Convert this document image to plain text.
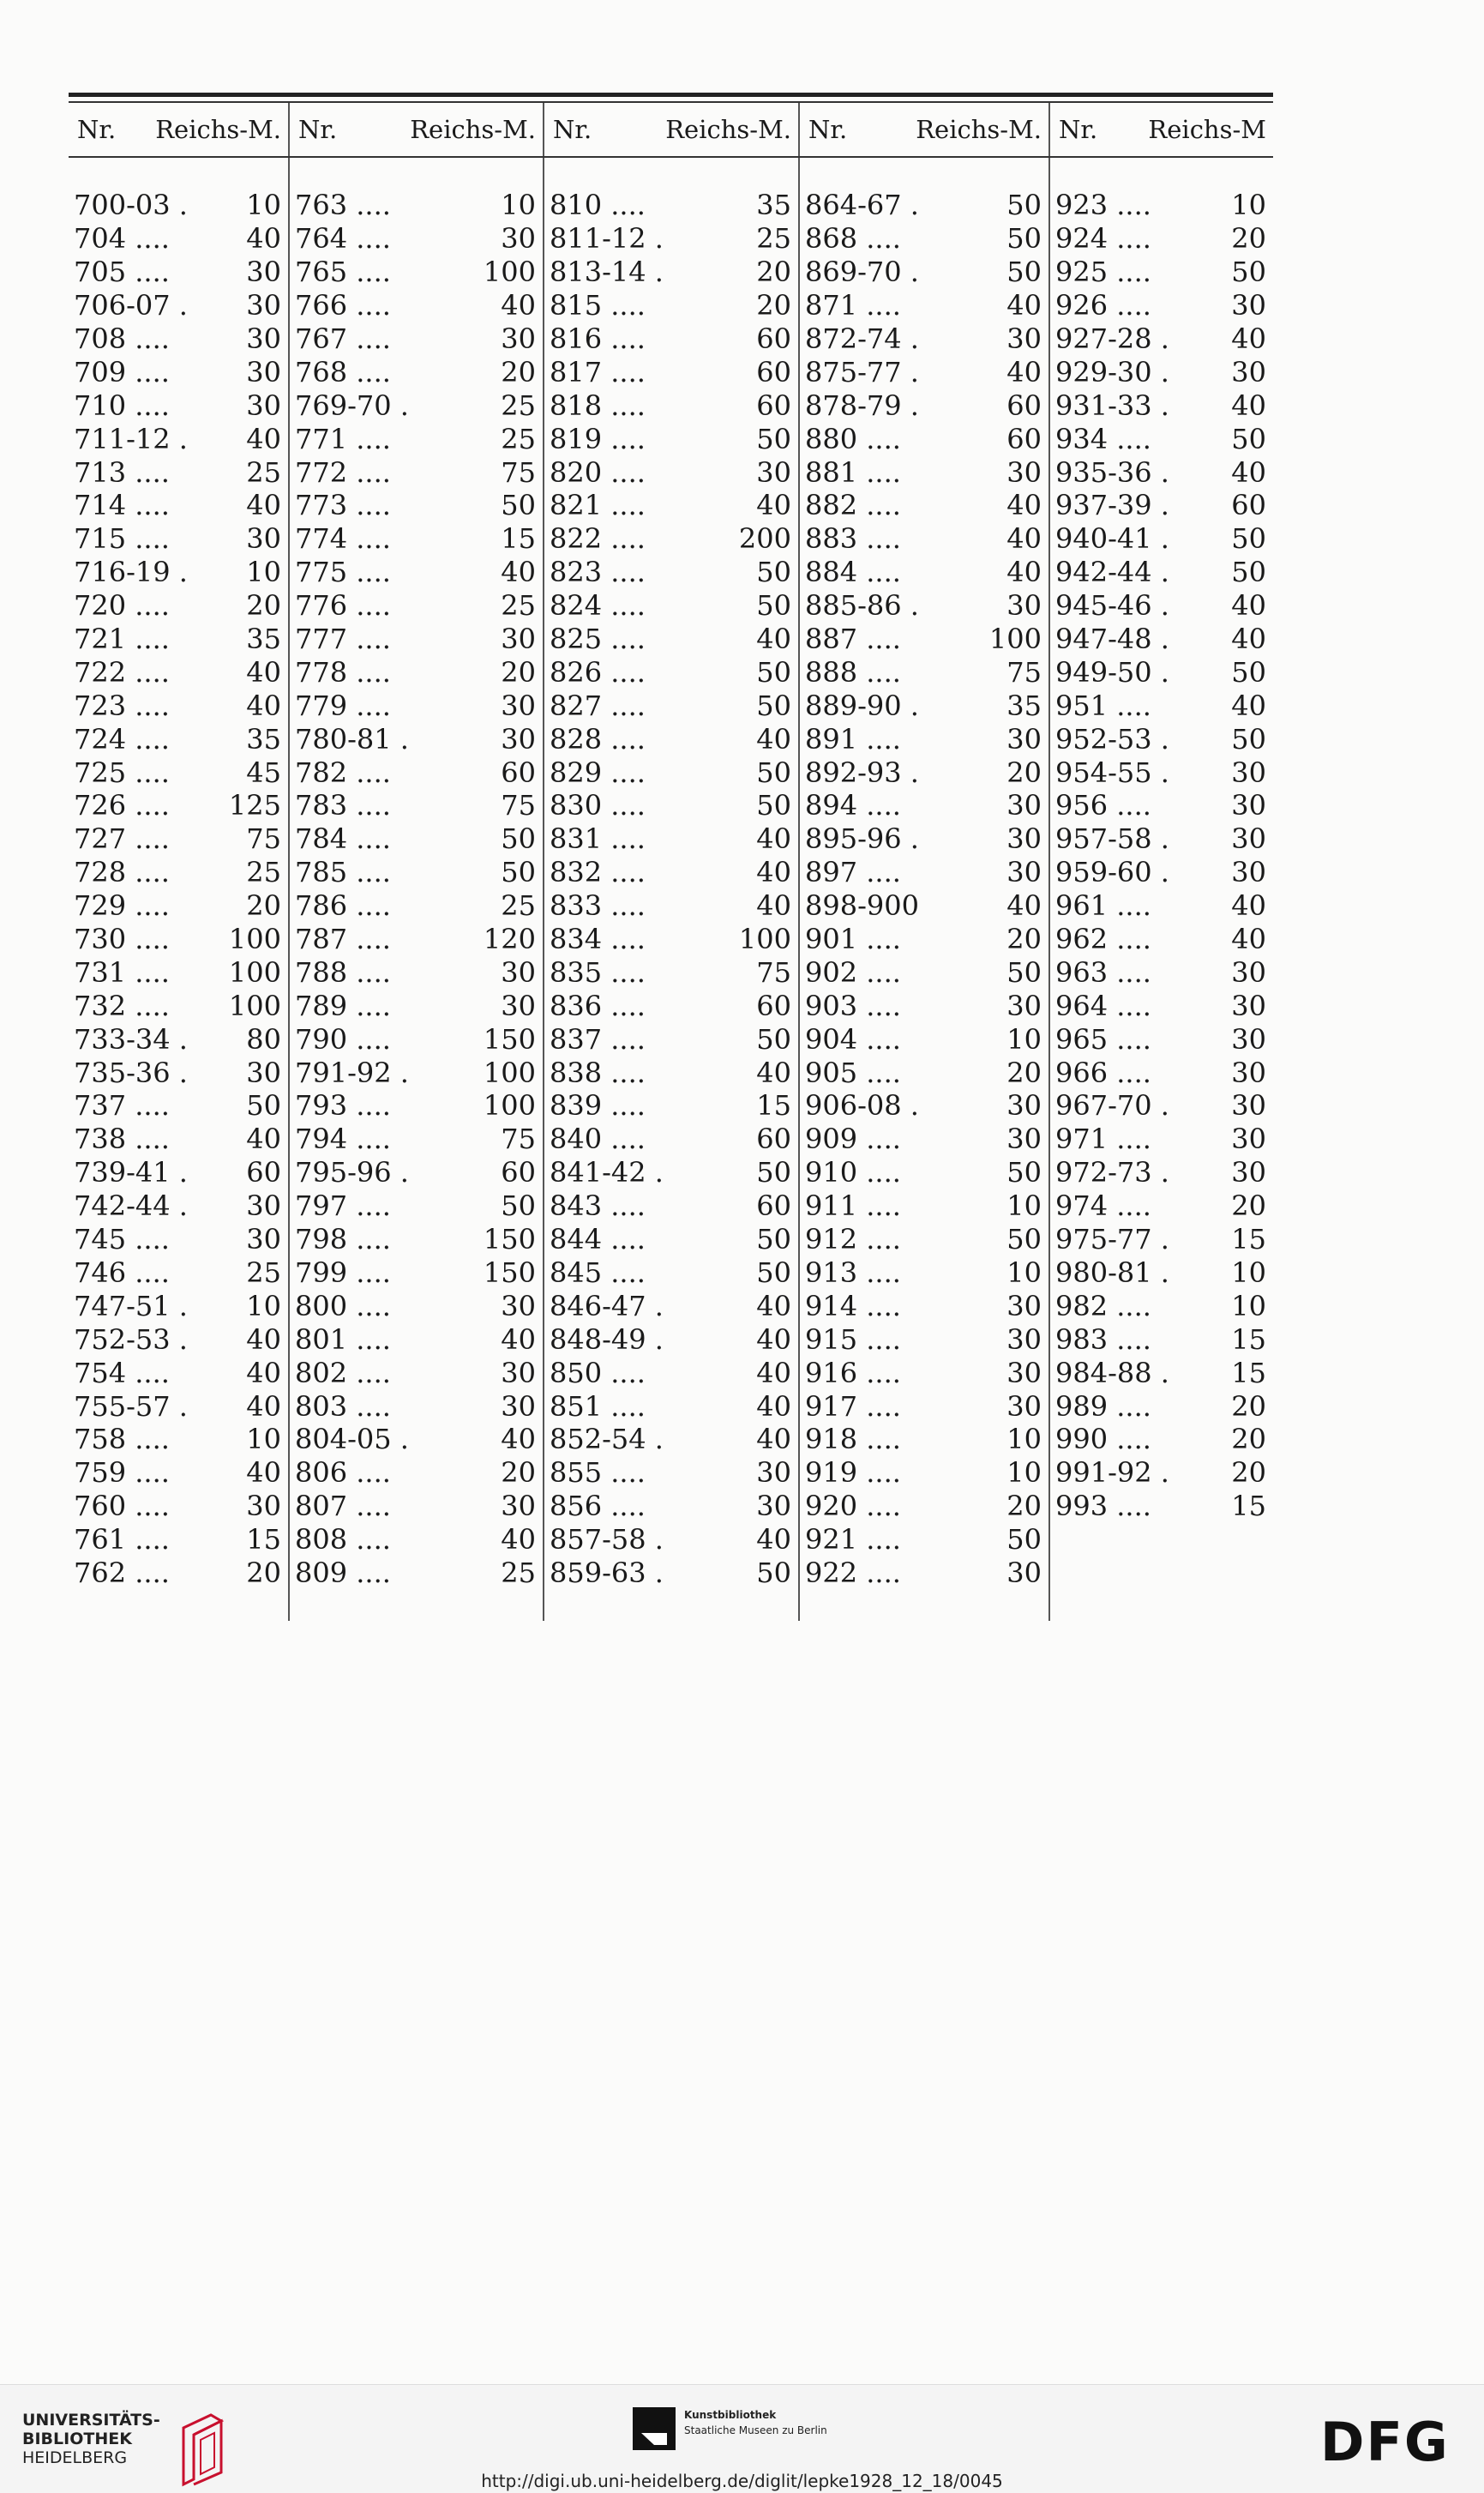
Nr. Reichs-M.
700-03 .	10
704 ....	40
705 ....	30
706-07 .	30
708 ....	30
709 ....	30
710 ....	30
711-12 .	40
713 ....	25
714 ....	40
715 ....	30
716-19 .	10
720 ....	20
721 ....	35
722 ....	40
723 ....	40
724 ....	35
725 ....	45
726 ....	125
727 ....	75
728 ....	25
729 ....	20
730 ....	100
731 ....	100
732 ....	100
733-34 .	80
735-36 .	30
737 ....	50
738 ....	40
739-41 .	60
742-44 .	30
745 ....	30
746 ....	25
747-51 .	10
752-53 .	40
754 ....	40
755-57 .	40
758 ....	10
759 ....	40
760 ....	30
761 ....	15
762 ....	20
Nr.	Reichs-M.
763 ....	10
764 ....	30
765 ....	100
766 ....	40
767 ....	30
768 ....	20
769-70 .	25
771 ....	25
772 ....	75
773 ....	50
774 ....	15
775 ....	40
776 ....	25
777 ....	30
778 ....	20
779 ....	30
780-81 .	30
782 ....	60
783 ....	75
784 ....	50
785 ....	50
786 ....	25
787 ....	120
788 ....	30
789 ....	30
790 ....	150
791-92 .	100
793 ....	100
794 ....	75
795-96 .	60
797 ....	50
798 ....	150
799 ....	150
800 ....	30
801 ....	40
802 ....	30
803 ....	30
804-05 .	40
806 ....	20
807 ....	30
808 ....	40
809 ....	25
Nr.	Reichs-M.
810 ....	35
811-12 .	25
813-14 .	20
815 ....	20
816 ....	60
817 ....	60
818 ....	60
819 ....	50
820 ....	30
821 ....	40
822 ....	200
823 ....	50
824 ....	50
825 ....	40
826 ....	50
827 ....	50
828 ....	40
829 ....	50
830 ....	50
831 ....	40
832 ....	40
833 ....	40
834 ....	100
835 ....	75
836 ....	60
837 ....	50
838 ....	40
839 ....	15
840 ....	60
841-42 .	50
843 ....	60
844 ....	50
845 ....	50
846-47 .	40
848-49 .	40
850 ....	40
851 ....	40
852-54 .	40
855 ....	30
856 ....	30
857-58 .	40
859-63 .	50
Nr.	Reichs-M.
864-67 .	50
868 ....	50
869-70 .	50
871 ....	40
872-74 .	30
875-77 .	40
878-79 .	60
880 ....	60
881 ....	30
882 ....	40
883 ....	40
884 ....	40
885-86 .	30
887 ....	100
888 ....	75
889-90 .	35
891 ....	30
892-93 .	20
894 ....	30
895-96 .	30
897 ....	30
898-900	40
901 ....	20
902 ....	50
903 ....	30
904 ....	10
905 ....	20
906-08 .	30
909 ....	30
910 ....	50
911 ....	10
912 ....	50
913 ....	10
914 ....	30
915 ....	30
916 ....	30
917 ....	30
918 ....	10
919 ....	10
920 ....	20
921 ....	50
922 ....	30
Nr. Reichs-M
923 ....	10
924 ....	20
925 ....	50
926 ....	30
927-28 .	40
929-30 .	30
931-33 .	40
934 ....	50
935-36 .	40
937-39 .	60
940-41 .	50
942-44 .	50
945-46 .	40
947-48 .	40
949-50 .	50
951 ....	40
952-53 .	50
954-55 .	30
956 ....	30
957-58 .	30
959-60 .	30
961 ....	40
962 ....	40
963 ....	30
964 ....	30
965 ....	30
966 ....	30
967-70 .	30
971 ....	30
972-73 .	30
974 ....	20
975-77 .	15
980-81 .	10
982 ....	10
983 ....	15
984-88 .	15
989 ....	20
990 ....	20
991-92 .	20
993 ....	15
UNIVERSITÄTS-
BIBLIOTHEK
HEIDELBERG
Kunstbibliothek
Staatliche Museen zu Berlin	DFG
http://digi.ub.uni-heidelberg.de/diglit/lepke1928_12_18/0045
